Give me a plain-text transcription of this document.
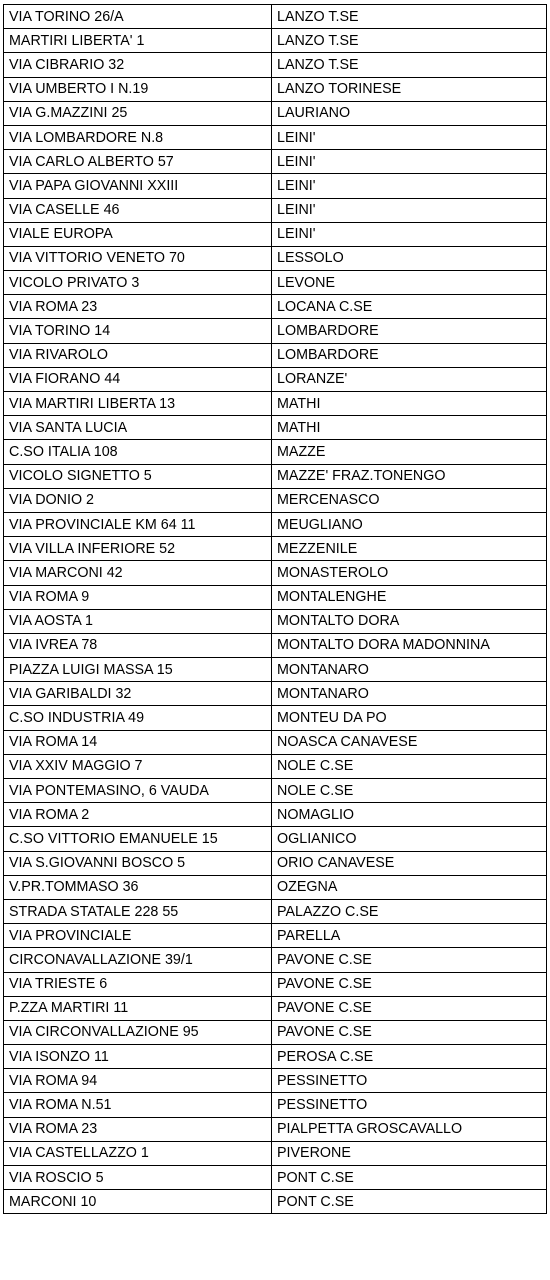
VIA TORINO 26/A	LANZO T.SE
MARTIRI LIBERTA' 1	LANZO T.SE
VIA CIBRARIO 32	LANZO T.SE
VIA UMBERTO I N.19	LANZO TORINESE
VIA G.MAZZINI 25	LAURIANO
VIA LOMBARDORE N.8	LEINI'
VIA CARLO ALBERTO 57	LEINI'
VIA PAPA GIOVANNI XXIII	LEINI'
VIA CASELLE 46	LEINI'
VIALE EUROPA	LEINI'
VIA VITTORIO VENETO 70	LESSOLO
VICOLO PRIVATO 3	LEVONE
VIA ROMA 23	LOCANA C.SE
VIA TORINO 14	LOMBARDORE
VIA RIVAROLO	LOMBARDORE
VIA FIORANO 44	LORANZE'
VIA MARTIRI LIBERTA 13	MATHI
VIA SANTA LUCIA	MATHI
C.SO ITALIA 108	MAZZE
VICOLO SIGNETTO 5	MAZZE' FRAZ.TONENGO
VIA DONIO 2	MERCENASCO
VIA PROVINCIALE KM 64 11	MEUGLIANO
VIA VILLA INFERIORE 52	MEZZENILE
VIA MARCONI 42	MONASTEROLO
VIA ROMA 9	MONTALENGHE
VIA AOSTA 1	MONTALTO DORA
VIA IVREA 78	MONTALTO DORA MADONNINA
PIAZZA LUIGI MASSA 15	MONTANARO
VIA GARIBALDI 32	MONTANARO
C.SO INDUSTRIA 49	MONTEU DA PO
VIA ROMA 14	NOASCA CANAVESE
VIA XXIV MAGGIO 7	NOLE C.SE
VIA PONTEMASINO, 6 VAUDA	NOLE C.SE
VIA ROMA 2	NOMAGLIO
C.SO VITTORIO EMANUELE 15	OGLIANICO
VIA S.GIOVANNI BOSCO 5	ORIO CANAVESE
V.PR.TOMMASO 36	OZEGNA
STRADA STATALE 228 55	PALAZZO C.SE
VIA PROVINCIALE	PARELLA
CIRCONAVALLAZIONE 39/1	PAVONE C.SE
VIA TRIESTE 6	PAVONE C.SE
P.ZZA MARTIRI 11	PAVONE C.SE
VIA CIRCONVALLAZIONE 95	PAVONE C.SE
VIA ISONZO 11	PEROSA C.SE
VIA ROMA 94	PESSINETTO
VIA ROMA N.51	PESSINETTO
VIA ROMA 23	PIALPETTA GROSCAVALLO
VIA CASTELLAZZO 1	PIVERONE
VIA ROSCIO 5	PONT C.SE
MARCONI 10	PONT C.SE
